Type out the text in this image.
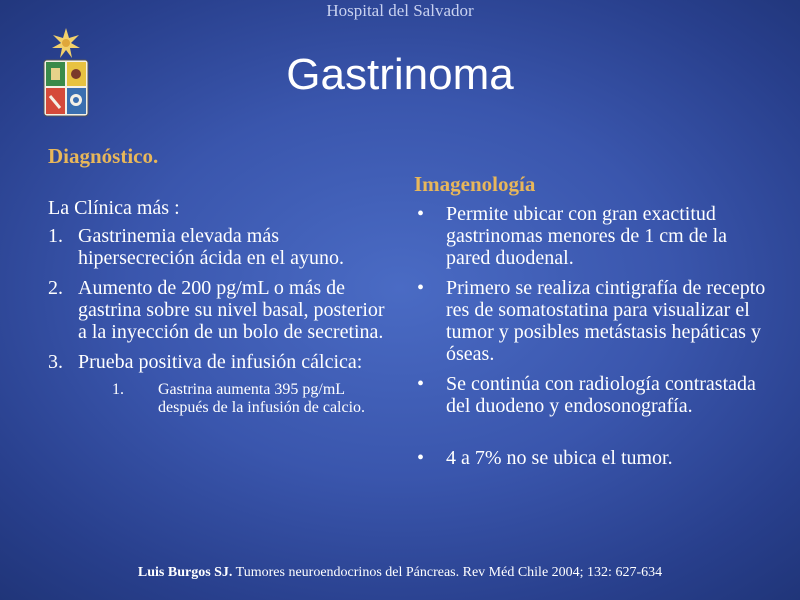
Hospital del Salvador
Gastrinoma

Diagnóstico.

La Clínica más :

1. Gastrinemia elevada más hipersecreción ácida en el ayuno.
2. Aumento de 200 pg/mL o más de gastrina sobre su nivel basal, posterior a la inyección de un bolo de secretina.
3. Prueba positiva de infusión cálcica:
1. Gastrina aumenta 395 pg/mL después de la infusión de calcio.

Imagenología

• Permite ubicar con gran exactitud gastrinomas menores de 1 cm de la pared duodenal.
• Primero se realiza cintigrafía de recepto res de somatostatina para visualizar el tumor y posibles metástasis hepáticas y óseas.
• Se continúa con radiología contrastada del duodeno y endosonografía.
• 4 a 7% no se ubica el tumor.
Luis Burgos SJ. Tumores neuroendocrinos del Páncreas. Rev Méd Chile 2004; 132: 627-634
